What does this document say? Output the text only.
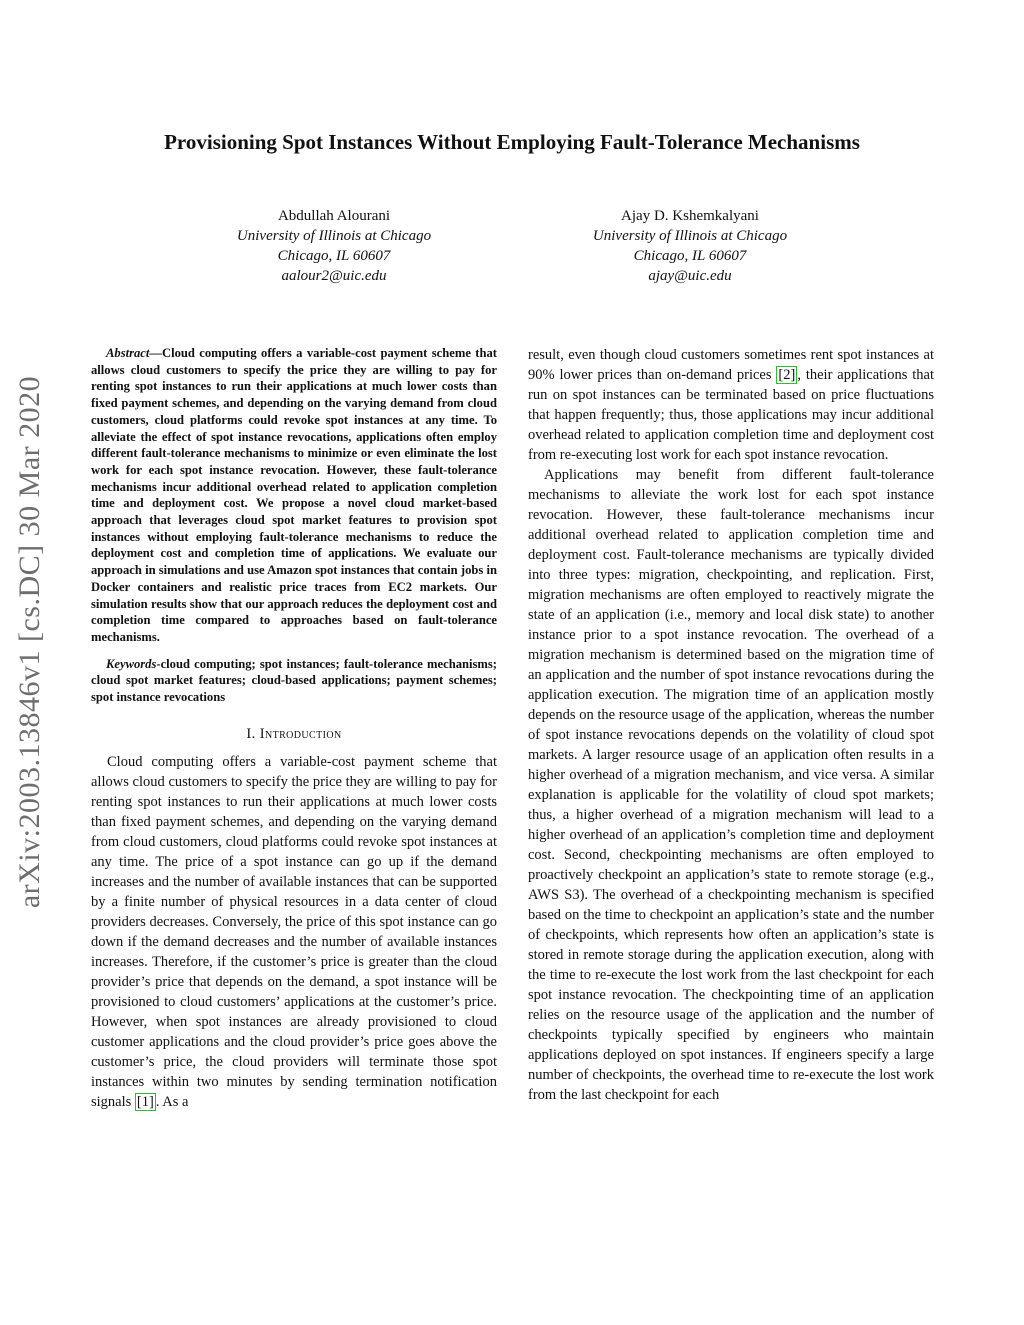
arXiv:2003.13846v1 [cs.DC] 30 Mar 2020
Provisioning Spot Instances Without Employing Fault-Tolerance Mechanisms
Abdullah Alourani
University of Illinois at Chicago
Chicago, IL 60607
aalour2@uic.edu
Ajay D. Kshemkalyani
University of Illinois at Chicago
Chicago, IL 60607
ajay@uic.edu

Abstract—Cloud computing offers a variable-cost payment scheme that allows cloud customers to specify the price they are willing to pay for renting spot instances to run their applications at much lower costs than fixed payment schemes, and depending on the varying demand from cloud customers, cloud platforms could revoke spot instances at any time. To alleviate the effect of spot instance revocations, applications often employ different fault-tolerance mechanisms to minimize or even eliminate the lost work for each spot instance revocation. However, these fault-tolerance mechanisms incur additional overhead related to application completion time and deployment cost. We propose a novel cloud market-based approach that leverages cloud spot market features to provision spot instances without employing fault-tolerance mechanisms to reduce the deployment cost and completion time of applications. We evaluate our approach in simulations and use Amazon spot instances that contain jobs in Docker containers and realistic price traces from EC2 markets. Our simulation results show that our approach reduces the deployment cost and completion time compared to approaches based on fault-tolerance mechanisms.

Keywords-cloud computing; spot instances; fault-tolerance mechanisms; cloud spot market features; cloud-based applications; payment schemes; spot instance revocations

I. Introduction

Cloud computing offers a variable-cost payment scheme that allows cloud customers to specify the price they are willing to pay for renting spot instances to run their applications at much lower costs than fixed payment schemes, and depending on the varying demand from cloud customers, cloud platforms could revoke spot instances at any time. The price of a spot instance can go up if the demand increases and the number of available instances that can be supported by a finite number of physical resources in a data center of cloud providers decreases. Conversely, the price of this spot instance can go down if the demand decreases and the number of available instances increases. Therefore, if the customer’s price is greater than the cloud provider’s price that depends on the demand, a spot instance will be provisioned to cloud customers’ applications at the customer’s price. However, when spot instances are already provisioned to cloud customer applications and the cloud provider’s price goes above the customer’s price, the cloud providers will terminate those spot instances within two minutes by sending termination notification signals [1] . As a

result, even though cloud customers sometimes rent spot instances at 90% lower prices than on-demand prices [2] , their applications that run on spot instances can be terminated based on price fluctuations that happen frequently; thus, those applications may incur additional overhead related to application completion time and deployment cost from re-executing lost work for each spot instance revocation.

Applications may benefit from different fault-tolerance mechanisms to alleviate the work lost for each spot instance revocation. However, these fault-tolerance mechanisms incur additional overhead related to application completion time and deployment cost. Fault-tolerance mechanisms are typically divided into three types: migration, checkpointing, and replication. First, migration mechanisms are often employed to reactively migrate the state of an application (i.e., memory and local disk state) to another instance prior to a spot instance revocation. The overhead of a migration mechanism is determined based on the migration time of an application and the number of spot instance revocations during the application execution. The migration time of an application mostly depends on the resource usage of the application, whereas the number of spot instance revocations depends on the volatility of cloud spot markets. A larger resource usage of an application often results in a higher overhead of a migration mechanism, and vice versa. A similar explanation is applicable for the volatility of cloud spot markets; thus, a higher overhead of a migration mechanism will lead to a higher overhead of an application’s completion time and deployment cost. Second, checkpointing mechanisms are often employed to proactively checkpoint an application’s state to remote storage (e.g., AWS S3). The overhead of a checkpointing mechanism is specified based on the time to checkpoint an application’s state and the number of checkpoints, which represents how often an application’s state is stored in remote storage during the application execution, along with the time to re-execute the lost work from the last checkpoint for each spot instance revocation. The checkpointing time of an application relies on the resource usage of the application and the number of checkpoints typically specified by engineers who maintain applications deployed on spot instances. If engineers specify a large number of checkpoints, the overhead time to re-execute the lost work from the last checkpoint for each
